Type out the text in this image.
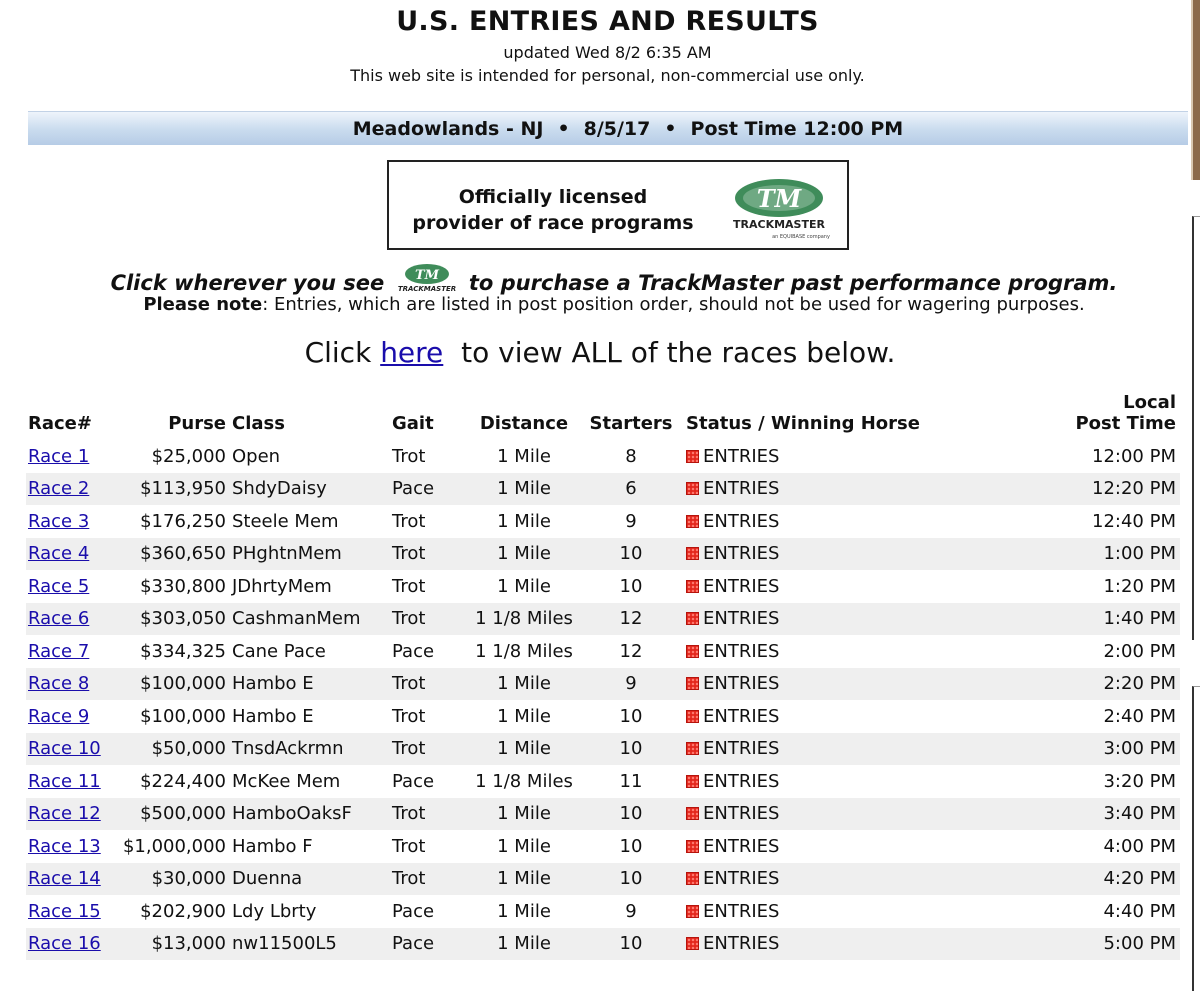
U.S. ENTRIES AND RESULTS
updated Wed 8/2 6:35 AM
This web site is intended for personal, non-commercial use only.
Meadowlands - NJ • 8/5/17 • Post Time 12:00 PM
Officially licensed
provider of race programs
TM
TRACKMASTER
an EQUIBASE company
Click wherever you see TM
TRACKMASTER to purchase a TrackMaster past performance program.
Please note: Entries, which are listed in post position order, should not be used for wagering purposes.
Click here to view ALL of the races below.
Race#	Purse	Class	Gait	Distance	Starters	Status / Winning Horse	Local
Post Time
Race 1	$25,000	Open	Trot	1 Mile	8	ENTRIES	12:00 PM
Race 2	$113,950	ShdyDaisy	Pace	1 Mile	6	ENTRIES	12:20 PM
Race 3	$176,250	Steele Mem	Trot	1 Mile	9	ENTRIES	12:40 PM
Race 4	$360,650	PHghtnMem	Trot	1 Mile	10	ENTRIES	1:00 PM
Race 5	$330,800	JDhrtyMem	Trot	1 Mile	10	ENTRIES	1:20 PM
Race 6	$303,050	CashmanMem	Trot	1 1/8 Miles	12	ENTRIES	1:40 PM
Race 7	$334,325	Cane Pace	Pace	1 1/8 Miles	12	ENTRIES	2:00 PM
Race 8	$100,000	Hambo E	Trot	1 Mile	9	ENTRIES	2:20 PM
Race 9	$100,000	Hambo E	Trot	1 Mile	10	ENTRIES	2:40 PM
Race 10	$50,000	TnsdAckrmn	Trot	1 Mile	10	ENTRIES	3:00 PM
Race 11	$224,400	McKee Mem	Pace	1 1/8 Miles	11	ENTRIES	3:20 PM
Race 12	$500,000	HamboOaksF	Trot	1 Mile	10	ENTRIES	3:40 PM
Race 13	$1,000,000	Hambo F	Trot	1 Mile	10	ENTRIES	4:00 PM
Race 14	$30,000	Duenna	Trot	1 Mile	10	ENTRIES	4:20 PM
Race 15	$202,900	Ldy Lbrty	Pace	1 Mile	9	ENTRIES	4:40 PM
Race 16	$13,000	nw11500L5	Pace	1 Mile	10	ENTRIES	5:00 PM
